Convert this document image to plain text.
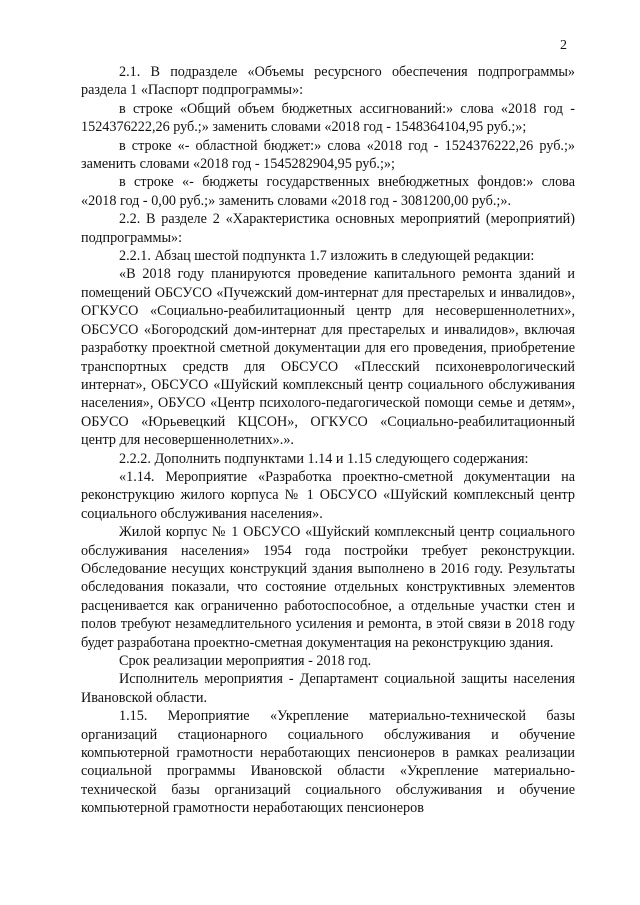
2

2.1. В подразделе «Объемы ресурсного обеспечения подпрограммы» раздела 1 «Паспорт подпрограммы»:

в строке «Общий объем бюджетных ассигнований:» слова «2018 год - 1524376222,26 руб.;» заменить словами «2018 год - 1548364104,95 руб.;»;

в строке «- областной бюджет:» слова «2018 год - 1524376222,26 руб.;» заменить словами «2018 год - 1545282904,95 руб.;»;

в строке «- бюджеты государственных внебюджетных фондов:» слова «2018 год - 0,00 руб.;» заменить словами «2018 год - 3081200,00 руб.;».

2.2. В разделе 2 «Характеристика основных мероприятий (мероприятий) подпрограммы»:

2.2.1. Абзац шестой подпункта 1.7 изложить в следующей редакции:

«В 2018 году планируются проведение капитального ремонта зданий и помещений ОБСУСО «Пучежский дом-интернат для престарелых и инвалидов», ОГКУСО «Социально-реабилитационный центр для несовершеннолетних», ОБСУСО «Богородский дом-интернат для престарелых и инвалидов», включая разработку проектной сметной документации для его проведения, приобретение транспортных средств для ОБСУСО «Плесский психоневрологический интернат», ОБСУСО «Шуйский комплексный центр социального обслуживания населения», ОБУСО «Центр психолого-педагогической помощи семье и детям», ОБУСО «Юрьевецкий КЦСОН», ОГКУСО «Социально-реабилитационный центр для несовершеннолетних».».

2.2.2. Дополнить подпунктами 1.14 и 1.15 следующего содержания:

«1.14. Мероприятие «Разработка проектно-сметной документации на реконструкцию жилого корпуса № 1 ОБСУСО «Шуйский комплексный центр социального обслуживания населения».

Жилой корпус № 1 ОБСУСО «Шуйский комплексный центр социального обслуживания населения» 1954 года постройки требует реконструкции. Обследование несущих конструкций здания выполнено в 2016 году. Результаты обследования показали, что состояние отдельных конструктивных элементов расценивается как ограниченно работоспособное, а отдельные участки стен и полов требуют незамедлительного усиления и ремонта, в этой связи в 2018 году будет разработана проектно-сметная документация на реконструкцию здания.

Срок реализации мероприятия - 2018 год.

Исполнитель мероприятия - Департамент социальной защиты населения Ивановской области.

1.15. Мероприятие «Укрепление материально-технической базы организаций стационарного социального обслуживания и обучение компьютерной грамотности неработающих пенсионеров в рамках реализации социальной программы Ивановской области «Укрепление материально-технической базы организаций социального обслуживания и обучение компьютерной грамотности неработающих пенсионеров
